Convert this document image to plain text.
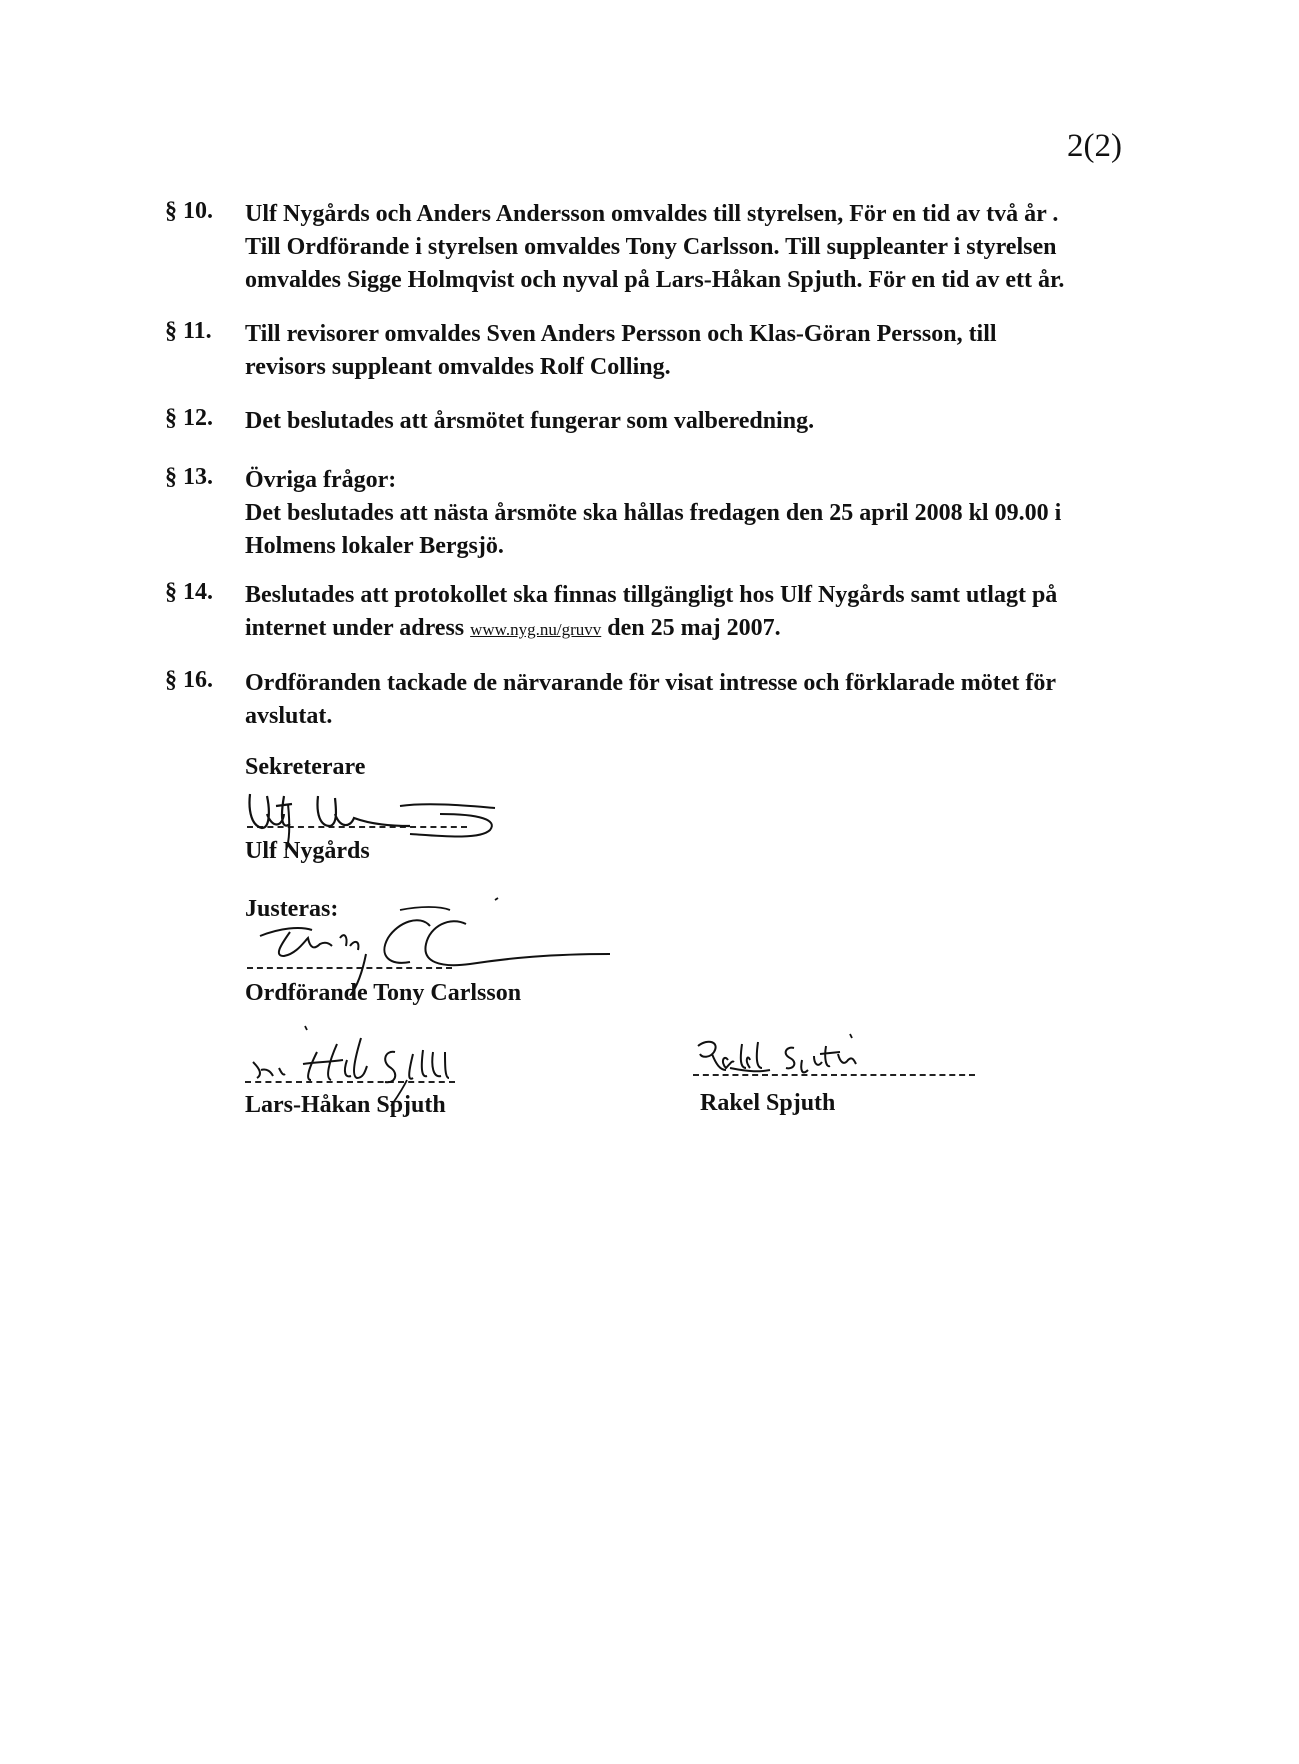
2(2)
§ 10.	Ulf Nygårds och Anders Andersson omvaldes till styrelsen, För en tid av två år .
Till Ordförande i styrelsen omvaldes Tony Carlsson. Till suppleanter i styrelsen
omvaldes Sigge Holmqvist och nyval på Lars-Håkan Spjuth. För en tid av ett år.
§ 11.	Till revisorer omvaldes Sven Anders Persson och Klas-Göran Persson, till
revisors suppleant omvaldes Rolf Colling.
§ 12.	Det beslutades att årsmötet fungerar som valberedning.
§ 13.	Övriga frågor:
Det beslutades att nästa årsmöte ska hållas fredagen den 25 april 2008 kl 09.00 i
Holmens lokaler Bergsjö.
§ 14.	Beslutades att protokollet ska finnas tillgängligt hos Ulf Nygårds samt utlagt på
internet under adress www.nyg.nu/gruvv den 25 maj 2007.
§ 16.	Ordföranden tackade de närvarande för visat intresse och förklarade mötet för
avslutat.
Sekreterare
Ulf Nygårds
Justeras:
Ordförande Tony Carlsson
Lars-Håkan Spjuth	Rakel Spjuth
